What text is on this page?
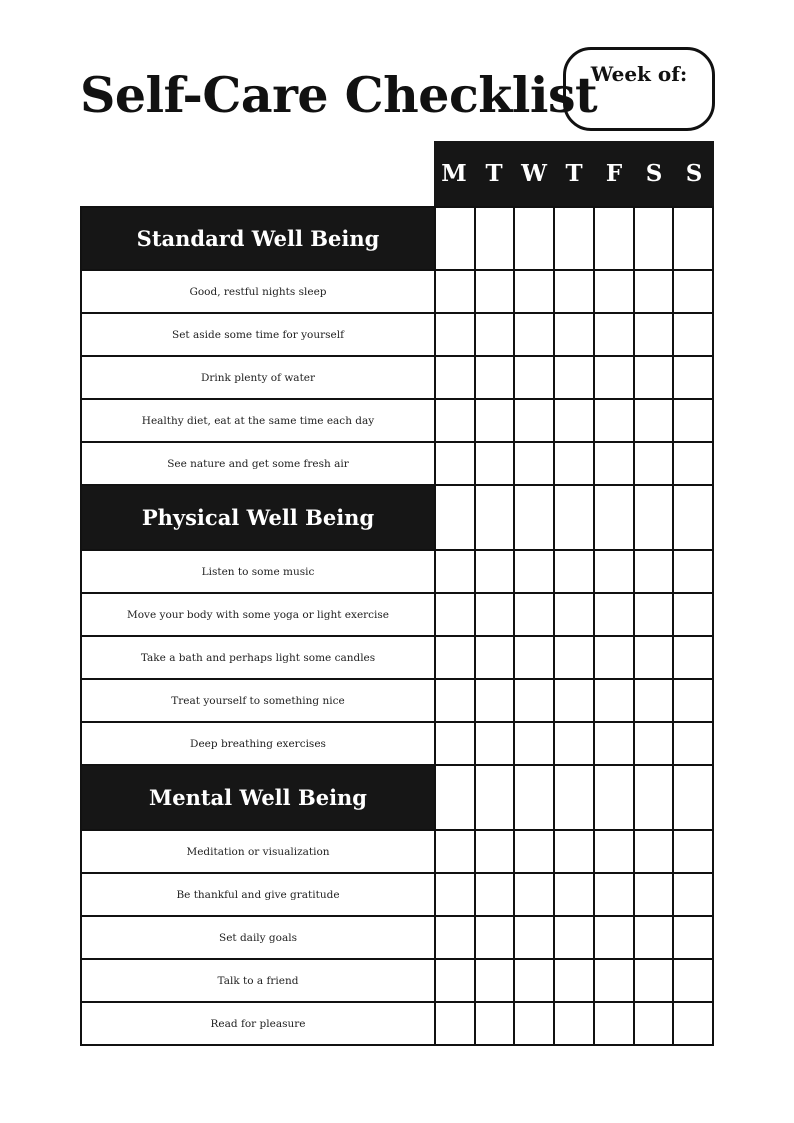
Self-Care Checklist
Week of:
M T W T	F	S	S
Standard Well Being
Good, restful nights sleep
Set aside some time for yourself
Drink plenty of water
Healthy diet, eat at the same time each day
See nature and get some fresh air
Physical Well Being
Listen to some music
Move your body with some yoga or light exercise
Take a bath and perhaps light some candles
Treat yourself to something nice
Deep breathing exercises
Mental Well Being
Meditation or visualization
Be thankful and give gratitude
Set daily goals
Talk to a friend
Read for pleasure
